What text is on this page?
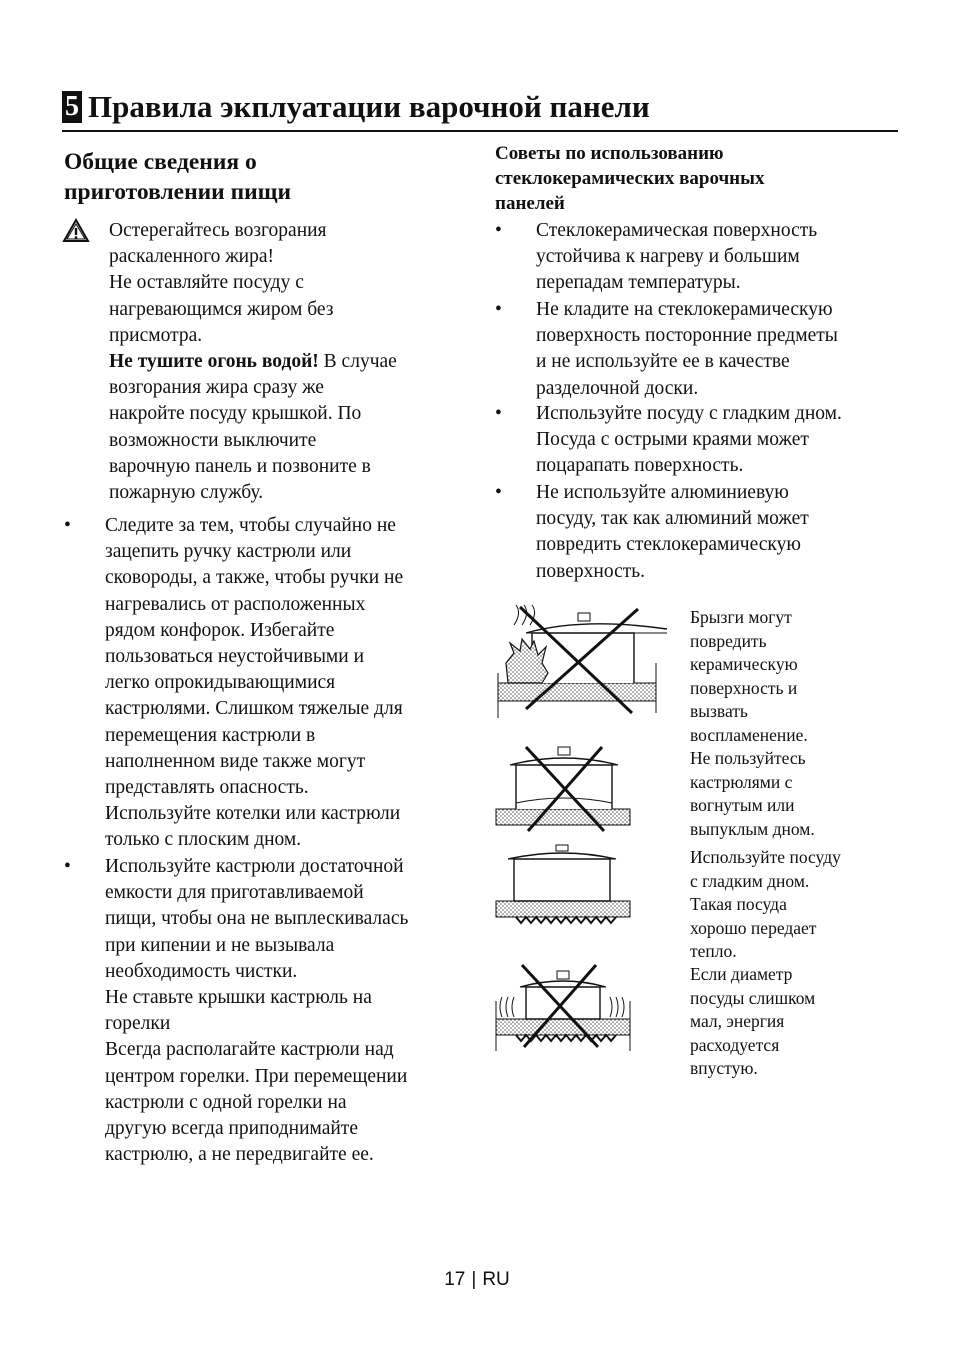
5 Правила экплуатации варочной панели

Общие сведения о

приготовлении пищи

Остерегайтесь возгорания

раскаленного жира!

Не оставляйте посуду с

нагревающимся жиром без

присмотра.

Не тушите огонь водой! В случае

возгорания жира сразу же

накройте посуду крышкой. По

возможности выключите

варочную панель и позвоните в

пожарную службу.

• Следите за тем, чтобы случайно не

зацепить ручку кастрюли или

сковороды, а также, чтобы ручки не

нагревались от расположенных

рядом конфорок. Избегайте

пользоваться неустойчивыми и

легко опрокидывающимися

кастрюлями. Слишком тяжелые для

перемещения кастрюли в

наполненном виде также могут

представлять опасность.

Используйте котелки или кастрюли

только с плоским дном.

• Используйте кастрюли достаточной

емкости для приготавливаемой

пищи, чтобы она не выплескивалась

при кипении и не вызывала

необходимость чистки.

Не ставьте крышки кастрюль на

горелки

Всегда располагайте кастрюли над

центром горелки. При перемещении

кастрюли с одной горелки на

другую всегда приподнимайте

кастрюлю, а не передвигайте ее.

Советы по использованию

стеклокерамических варочных

панелей

• Стеклокерамическая поверхность

устойчива к нагреву и большим

перепадам температуры.

• Не кладите на стеклокерамическую

поверхность посторонние предметы

и не используйте ее в качестве

разделочной доски.

• Используйте посуду с гладким дном.

Посуда с острыми краями может

поцарапать поверхность.

• Не используйте алюминиевую

посуду, так как алюминий может

повредить стеклокерамическую

поверхность.

Брызги могут

повредить

керамическую

поверхность и

вызвать

воспламенение.

Не пользуйтесь

кастрюлями с

вогнутым или

выпуклым дном.

Используйте посуду

с гладким дном.

Такая посуда

хорошо передает

тепло.

Если диаметр

посуды слишком

мал, энергия

расходуется

впустую.

17 | RU
